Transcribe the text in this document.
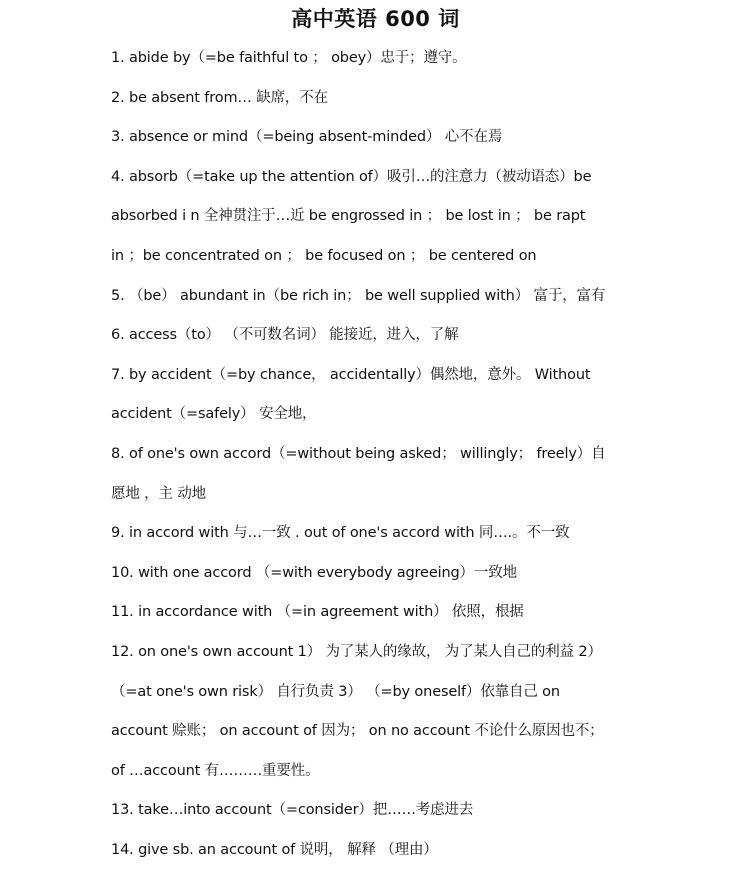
高中英语 600 词
1. abide by（=be faithful to ； obey）忠于；遵守。
2. be absent from… 缺席，不在
3. absence or mind（=being absent-minded） 心不在焉
4. absorb（=take up the attention of）吸引…的注意力（被动语态）be
absorbed i n 全神贯注于…近 be engrossed in ； be lost in ； be rapt
in ；be concentrated on ； be focused on ； be centered on
5. （be） abundant in（be rich in； be well supplied with） 富于，富有
6. access（to） （不可数名词） 能接近，进入，了解
7. by accident（=by chance， accidentally）偶然地，意外。 Without
accident（=safely） 安全地，
8. of one's own accord（=without being asked； willingly； freely）自
愿地 ，主 动地
9. in accord with 与…一致 . out of one's accord with 同….。不一致
10. with one accord （=with everybody agreeing）一致地
11. in accordance with （=in agreement with） 依照，根据
12. on one's own account 1） 为了某人的缘故， 为了某人自己的利益 2）
（=at one's own risk） 自行负责 3） （=by oneself）依靠自己 on
account 赊账； on account of 因为； on no account 不论什么原因也不；
of …account 有………重要性。
13. take…into account（=consider）把……考虑进去
14. give sb. an account of 说明， 解释 （理由）
